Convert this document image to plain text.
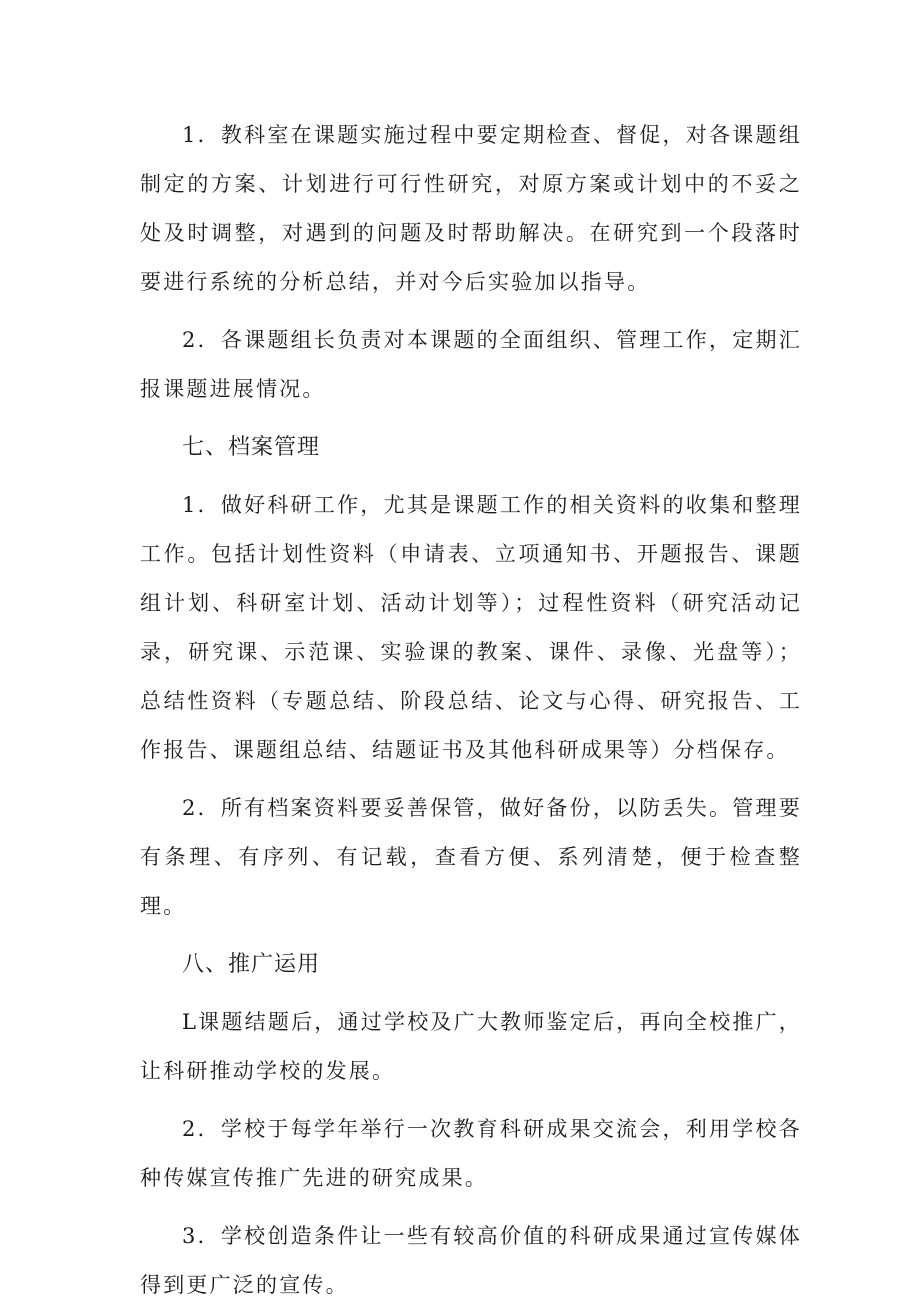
1．教科室在课题实施过程中要定期检查、督促，对各课题组制定的方案、计划进行可行性研究，对原方案或计划中的不妥之处及时调整，对遇到的问题及时帮助解决。在研究到一个段落时要进行系统的分析总结，并对今后实验加以指导。

2．各课题组长负责对本课题的全面组织、管理工作，定期汇报课题进展情况。

七、档案管理

1．做好科研工作，尤其是课题工作的相关资料的收集和整理工作。包括计划性资料（申请表、立项通知书、开题报告、课题组计划、科研室计划、活动计划等）；过程性资料（研究活动记录，研究课、示范课、实验课的教案、课件、录像、光盘等）；总结性资料（专题总结、阶段总结、论文与心得、研究报告、工作报告、课题组总结、结题证书及其他科研成果等）分档保存。

2．所有档案资料要妥善保管，做好备份，以防丢失。管理要有条理、有序列、有记载，查看方便、系列清楚，便于检查整理。

八、推广运用

L课题结题后，通过学校及广大教师鉴定后，再向全校推广，让科研推动学校的发展。

2．学校于每学年举行一次教育科研成果交流会，利用学校各种传媒宣传推广先进的研究成果。

3．学校创造条件让一些有较高价值的科研成果通过宣传媒体得到更广泛的宣传。
